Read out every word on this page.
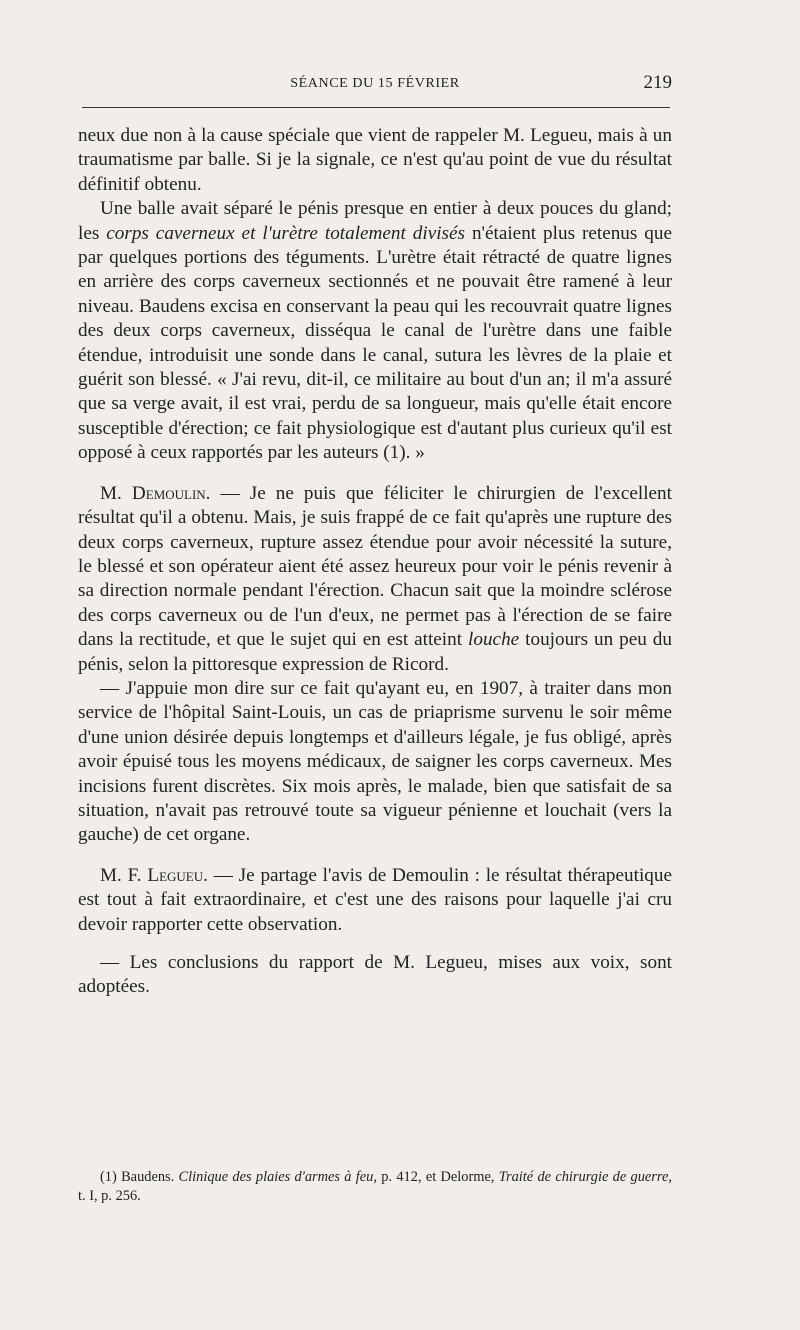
SÉANCE DU 15 FÉVRIER	219

neux due non à la cause spéciale que vient de rappeler M. Legueu, mais à un traumatisme par balle. Si je la signale, ce n'est qu'au point de vue du résultat définitif obtenu.

Une balle avait séparé le pénis presque en entier à deux pouces du gland; les corps caverneux et l'urètre totalement divisés n'étaient plus retenus que par quelques portions des téguments. L'urètre était rétracté de quatre lignes en arrière des corps caverneux sectionnés et ne pouvait être ramené à leur niveau. Baudens excisa en conservant la peau qui les recouvrait quatre lignes des deux corps caverneux, disséqua le canal de l'urètre dans une faible étendue, introduisit une sonde dans le canal, sutura les lèvres de la plaie et guérit son blessé. « J'ai revu, dit-il, ce militaire au bout d'un an; il m'a assuré que sa verge avait, il est vrai, perdu de sa longueur, mais qu'elle était encore susceptible d'érection; ce fait physiologique est d'autant plus curieux qu'il est opposé à ceux rapportés par les auteurs (1). »

M. Demoulin. — Je ne puis que féliciter le chirurgien de l'excellent résultat qu'il a obtenu. Mais, je suis frappé de ce fait qu'après une rupture des deux corps caverneux, rupture assez étendue pour avoir nécessité la suture, le blessé et son opérateur aient été assez heureux pour voir le pénis revenir à sa direction normale pendant l'érection. Chacun sait que la moindre sclérose des corps caverneux ou de l'un d'eux, ne permet pas à l'érection de se faire dans la rectitude, et que le sujet qui en est atteint louche toujours un peu du pénis, selon la pittoresque expression de Ricord.

— J'appuie mon dire sur ce fait qu'ayant eu, en 1907, à traiter dans mon service de l'hôpital Saint-Louis, un cas de priaprisme survenu le soir même d'une union désirée depuis longtemps et d'ailleurs légale, je fus obligé, après avoir épuisé tous les moyens médicaux, de saigner les corps caverneux. Mes incisions furent discrètes. Six mois après, le malade, bien que satisfait de sa situation, n'avait pas retrouvé toute sa vigueur pénienne et louchait (vers la gauche) de cet organe.

M. F. Legueu. — Je partage l'avis de Demoulin : le résultat thérapeutique est tout à fait extraordinaire, et c'est une des raisons pour laquelle j'ai cru devoir rapporter cette observation.

— Les conclusions du rapport de M. Legueu, mises aux voix, sont adoptées.

(1) Baudens. Clinique des plaies d'armes à feu, p. 412, et Delorme, Traité de chirurgie de guerre, t. I, p. 256.
